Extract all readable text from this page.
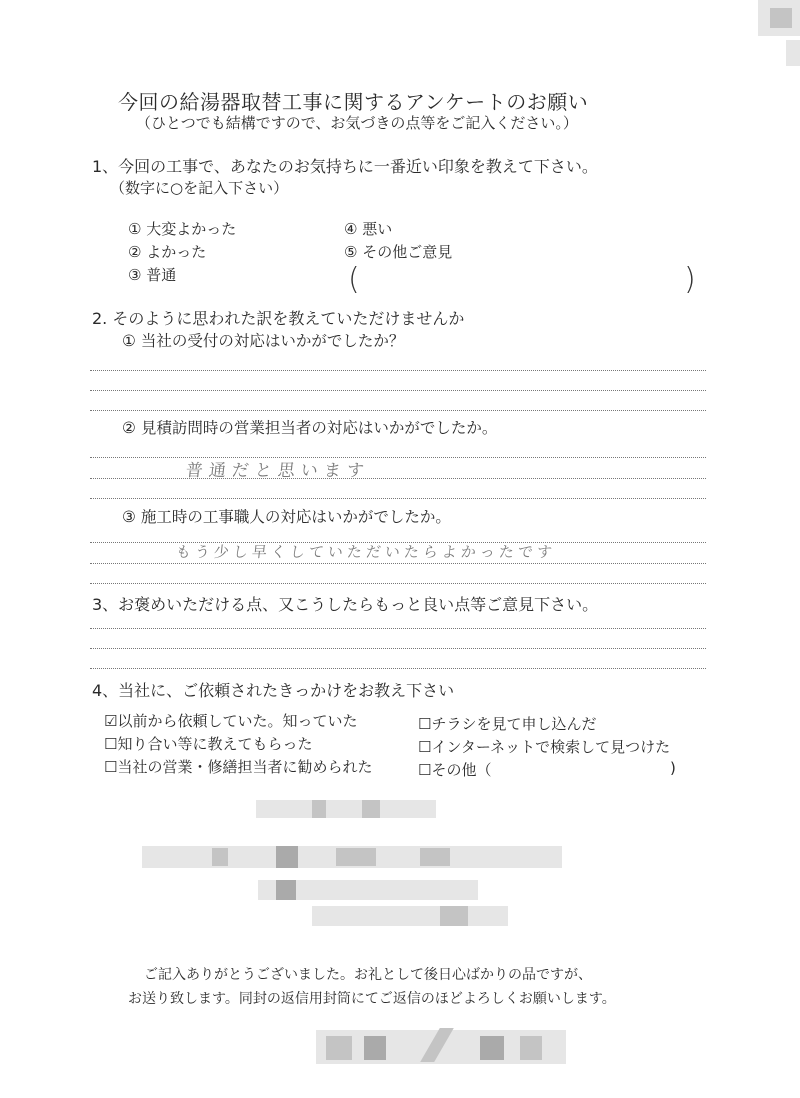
今回の給湯器取替工事に関するアンケートのお願い
（ひとつでも結構ですので、お気づきの点等をご記入ください。）
1、今回の工事で、あなたのお気持ちに一番近い印象を教えて下さい。
（数字に○を記入下さい）
① 大変よかった
② よかった
③ 普通
④ 悪い
⑤ その他ご意見
(	)
2. そのように思われた訳を教えていただけませんか
① 当社の受付の対応はいかがでしたか？
② 見積訪問時の営業担当者の対応はいかがでしたか。
普通だと思います
③ 施工時の工事職人の対応はいかがでしたか。
もう少し早くしていただいたらよかったです
3、お褒めいただける点、又こうしたらもっと良い点等ご意見下さい。
4、当社に、ご依頼されたきっかけをお教え下さい
☑以前から依頼していた。知っていた
☐知り合い等に教えてもらった
☐当社の営業・修繕担当者に勧められた
☐チラシを見て申し込んだ
☐インターネットで検索して見つけた
☐その他（	)
ご記入ありがとうございました。お礼として後日心ばかりの品ですが、
お送り致します。同封の返信用封筒にてご返信のほどよろしくお願いします。
